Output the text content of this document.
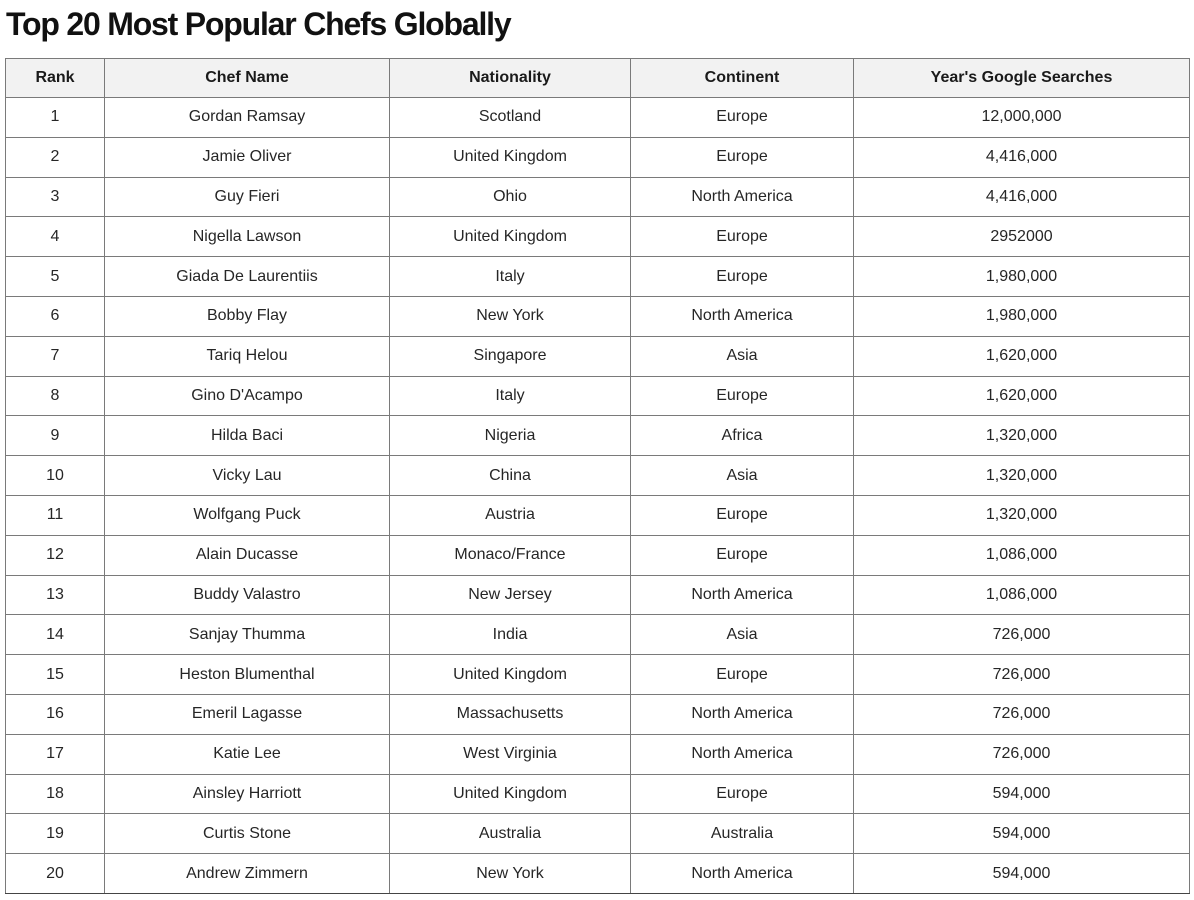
Top 20 Most Popular Chefs Globally
Rank	Chef Name	Nationality	Continent	Year's Google Searches
1	Gordan Ramsay	Scotland	Europe	12,000,000
2	Jamie Oliver	United Kingdom	Europe	4,416,000
3	Guy Fieri	Ohio	North America	4,416,000
4	Nigella Lawson	United Kingdom	Europe	2952000
5	Giada De Laurentiis	Italy	Europe	1,980,000
6	Bobby Flay	New York	North America	1,980,000
7	Tariq Helou	Singapore	Asia	1,620,000
8	Gino D'Acampo	Italy	Europe	1,620,000
9	Hilda Baci	Nigeria	Africa	1,320,000
10	Vicky Lau	China	Asia	1,320,000
11	Wolfgang Puck	Austria	Europe	1,320,000
12	Alain Ducasse	Monaco/France	Europe	1,086,000
13	Buddy Valastro	New Jersey	North America	1,086,000
14	Sanjay Thumma	India	Asia	726,000
15	Heston Blumenthal	United Kingdom	Europe	726,000
16	Emeril Lagasse	Massachusetts	North America	726,000
17	Katie Lee	West Virginia	North America	726,000
18	Ainsley Harriott	United Kingdom	Europe	594,000
19	Curtis Stone	Australia	Australia	594,000
20	Andrew Zimmern	New York	North America	594,000
